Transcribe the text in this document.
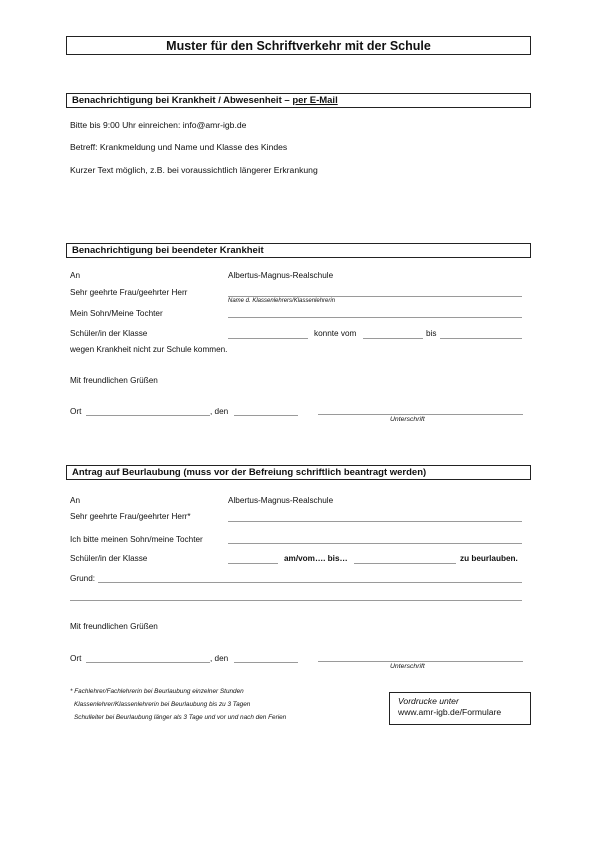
Muster für den Schriftverkehr mit der Schule
Benachrichtigung bei Krankheit / Abwesenheit – per E-Mail
Bitte bis 9:00 Uhr einreichen: info@amr-igb.de
Betreff: Krankmeldung und Name und Klasse des Kindes
Kurzer Text möglich, z.B. bei voraussichtlich längerer Erkrankung
Benachrichtigung bei beendeter Krankheit
An	Albertus-Magnus-Realschule
Sehr geehrte Frau/geehrter Herr
Name d. Klassenlehrers/Klassenlehrerin
Mein Sohn/Meine Tochter
Schüler/in der Klasse	konnte vom	bis
wegen Krankheit nicht zur Schule kommen.
Mit freundlichen Grüßen
Ort	, den
Unterschrift
Antrag auf Beurlaubung (muss vor der Befreiung schriftlich beantragt werden)
An	Albertus-Magnus-Realschule
Sehr geehrte Frau/geehrter Herr*
Ich bitte meinen Sohn/meine Tochter
Schüler/in der Klasse	am/vom…. bis…	zu beurlauben.
Grund:
Mit freundlichen Grüßen
Ort	, den
Unterschrift
* Fachlehrer/Fachlehrerin bei Beurlaubung einzelner Stunden
Klassenlehrer/Klassenlehrerin bei Beurlaubung bis zu 3 Tagen
Schulleiter bei Beurlaubung länger als 3 Tage und vor und nach den Ferien
Vordrucke unter
www.amr-igb.de/Formulare
